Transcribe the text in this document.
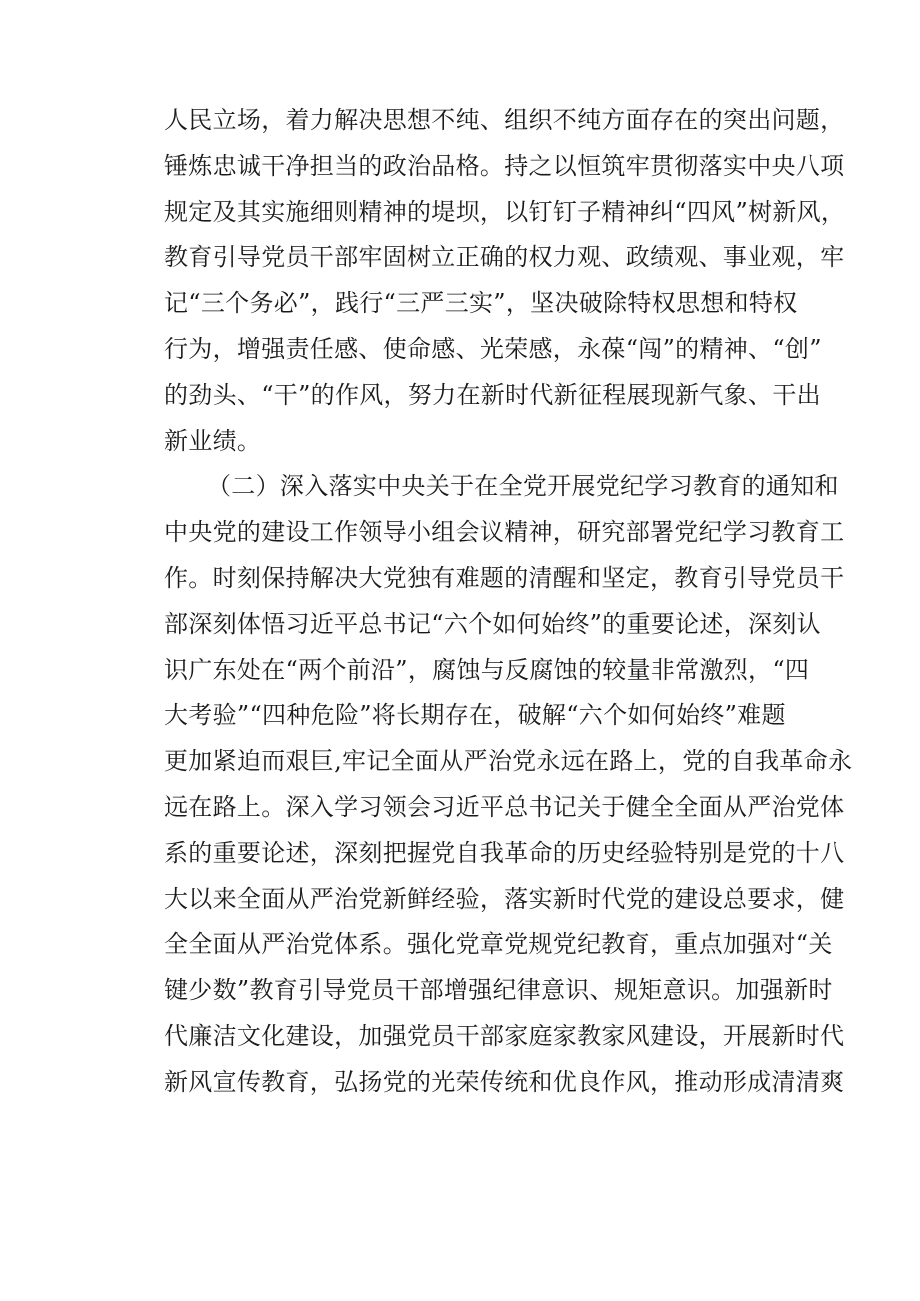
人民立场，着力解决思想不纯、组织不纯方面存在的突出问题，
锤炼忠诚干净担当的政治品格。持之以恒筑牢贯彻落实中央八项
规定及其实施细则精神的堤坝，以钉钉子精神纠“四风”树新风，
教育引导党员干部牢固树立正确的权力观、政绩观、事业观，牢
记“三个务必”，践行“三严三实”，坚决破除特权思想和特权
行为，增强责任感、使命感、光荣感，永葆“闯”的精神、“创”
的劲头、“干”的作风，努力在新时代新征程展现新气象、干出
新业绩。
（二）深入落实中央关于在全党开展党纪学习教育的通知和
中央党的建设工作领导小组会议精神，研究部署党纪学习教育工
作。时刻保持解决大党独有难题的清醒和坚定，教育引导党员干
部深刻体悟习近平总书记“六个如何始终”的重要论述，深刻认
识广东处在“两个前沿”，腐蚀与反腐蚀的较量非常激烈，“四
大考验”“四种危险”将长期存在，破解“六个如何始终”难题
更加紧迫而艰巨,牢记全面从严治党永远在路上，党的自我革命永
远在路上。深入学习领会习近平总书记关于健全全面从严治党体
系的重要论述，深刻把握党自我革命的历史经验特别是党的十八
大以来全面从严治党新鲜经验，落实新时代党的建设总要求，健
全全面从严治党体系。强化党章党规党纪教育，重点加强对“关
键少数”教育引导党员干部增强纪律意识、规矩意识。加强新时
代廉洁文化建设，加强党员干部家庭家教家风建设，开展新时代
新风宣传教育，弘扬党的光荣传统和优良作风，推动形成清清爽
